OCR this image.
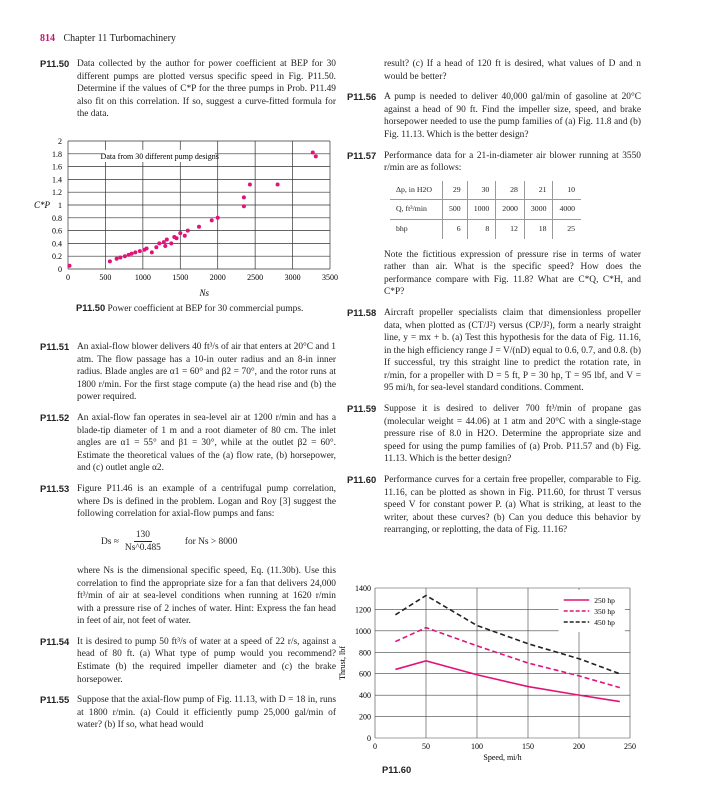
814 Chapter 11 Turbomachinery
P11.50 Data collected by the author for power coefficient at BEP for 30 different pumps are plotted versus specific speed in Fig. P11.50. Determine if the values of C*P for the three pumps in Prob. P11.49 also fit on this correlation. If so, suggest a curve-fitted formula for the data.
0
0.2
0.4
0.6
0.8
1
1.2
1.4
1.6
1.8
2
0	500	1000	1500	2000	2500	3000	3500
Data from 30 different pump designs
C*P
Ns
P11.50 Power coefficient at BEP for 30 commercial pumps.
P11.51 An axial-flow blower delivers 40 ft³/s of air that enters at 20°C and 1 atm. The flow passage has a 10-in outer radius and an 8-in inner radius. Blade angles are α1 = 60° and β2 = 70°, and the rotor runs at 1800 r/min. For the first stage compute (a) the head rise and (b) the power required.
P11.52 An axial-flow fan operates in sea-level air at 1200 r/min and has a blade-tip diameter of 1 m and a root diameter of 80 cm. The inlet angles are α1 = 55° and β1 = 30°, while at the outlet β2 = 60°. Estimate the theoretical values of the (a) flow rate, (b) horsepower, and (c) outlet angle α2.
P11.53 Figure P11.46 is an example of a centrifugal pump correlation, where Ds is defined in the problem. Logan and Roy [3] suggest the following correlation for axial-flow pumps and fans:
$Ds \approx \frac{130}{Ns\^{}0.485}$	for Ns > 8000
where Ns is the dimensional specific speed, Eq. (11.30b). Use this correlation to find the appropriate size for a fan that delivers 24,000 ft³/min of air at sea-level conditions when running at 1620 r/min with a pressure rise of 2 inches of water. Hint: Express the fan head in feet of air, not feet of water.
P11.54 It is desired to pump 50 ft³/s of water at a speed of 22 r/s, against a head of 80 ft. (a) What type of pump would you recommend? Estimate (b) the required impeller diameter and (c) the brake horsepower.
P11.55 Suppose that the axial-flow pump of Fig. 11.13, with D = 18 in, runs at 1800 r/min. (a) Could it efficiently pump 25,000 gal/min of water? (b) If so, what head would

result? (c) If a head of 120 ft is desired, what values of D and n would be better?

P11.56 A pump is needed to deliver 40,000 gal/min of gasoline at 20°C against a head of 90 ft. Find the impeller size, speed, and brake horsepower needed to use the pump families of (a) Fig. 11.8 and (b) Fig. 11.13. Which is the better design?
P11.57 Performance data for a 21-in-diameter air blower running at 3550 r/min are as follows:
Δp, in H2O	29	30	28	21	10
Q, ft³/min	500	1000	2000	3000	4000
bhp	6	8	12	18	25
Note the fictitious expression of pressure rise in terms of water rather than air. What is the specific speed? How does the performance compare with Fig. 11.8? What are C*Q, C*H, and C*P?
P11.58 Aircraft propeller specialists claim that dimensionless propeller data, when plotted as (CT/J²) versus (CP/J²), form a nearly straight line, y = mx + b. (a) Test this hypothesis for the data of Fig. 11.16, in the high efficiency range J = V/(nD) equal to 0.6, 0.7, and 0.8. (b) If successful, try this straight line to predict the rotation rate, in r/min, for a propeller with D = 5 ft, P = 30 hp, T = 95 lbf, and V = 95 mi/h, for sea-level standard conditions. Comment.
P11.59 Suppose it is desired to deliver 700 ft³/min of propane gas (molecular weight = 44.06) at 1 atm and 20°C with a single-stage pressure rise of 8.0 in H2O. Determine the appropriate size and speed for using the pump families of (a) Prob. P11.57 and (b) Fig. 11.13. Which is the better design?
P11.60 Performance curves for a certain free propeller, comparable to Fig. 11.16, can be plotted as shown in Fig. P11.60, for thrust T versus speed V for constant power P. (a) What is striking, at least to the writer, about these curves? (b) Can you deduce this behavior by rearranging, or replotting, the data of Fig. 11.16?
0
200
400
600
800
1000
1200
1400
0	50	100	150	200	250
Speed, mi/h
Thrust, lbf
250 hp
350 hp
450 hp
P11.60
